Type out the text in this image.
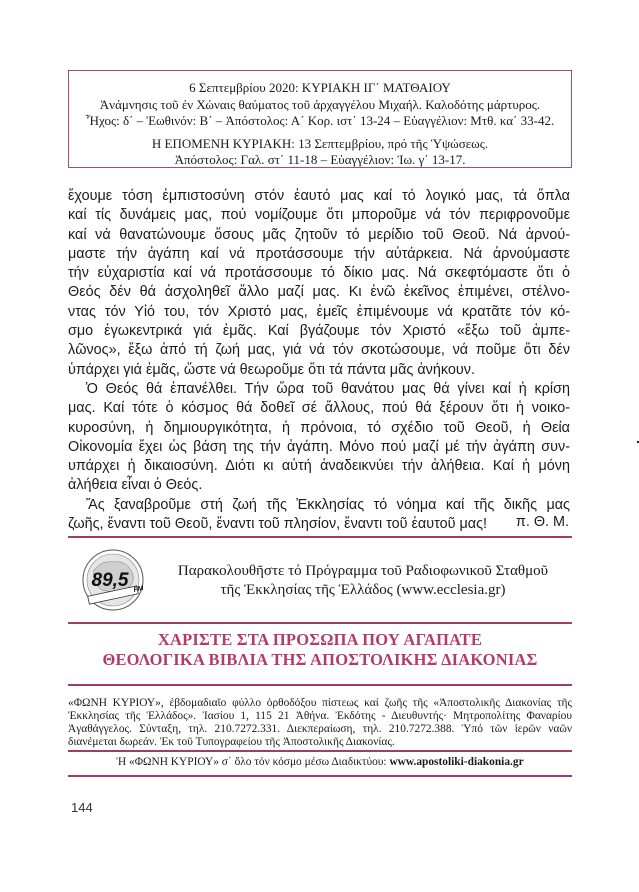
6 Σεπτεμβρίου 2020: ΚΥΡΙΑΚΗ ΙΓ΄ ΜΑΤΘΑΙΟΥ
Ἀνάμνησις τοῦ ἐν Χώναις θαύματος τοῦ ἀρχαγγέλου Μιχαήλ. Καλοδότης μάρτυρος.
Ἦχος: δ΄ – Ἑωθινόν: Β΄ – Ἀπόστολος: Α΄ Κορ. ιστ΄ 13-24 – Εὐαγγέλιον: Μτθ. κα΄ 33-42.
Η ΕΠΟΜΕΝΗ ΚΥΡΙΑΚΗ: 13 Σεπτεμβρίου, πρό τῆς Ὑψώσεως.
Ἀπόστολος: Γαλ. στ΄ 11-18 – Εὐαγγέλιον: Ἰω. γ΄ 13-17.

ἔχουμε τόση ἐμπιστοσύνη στόν ἑαυτό μας καί τό λογικό μας, τά ὅπλα

καί τίς δυνάμεις μας, πού νομίζουμε ὅτι μποροῦμε νά τόν περιφρονοῦμε

καί νά θανατώνουμε ὅσους μᾶς ζητοῦν τό μερίδιο τοῦ Θεοῦ. Νά ἀρνού-

μαστε τήν ἀγάπη καί νά προτάσσουμε τήν αὐτάρκεια. Νά ἀρνούμαστε

τήν εὐχαριστία καί νά προτάσσουμε τό δίκιο μας. Νά σκεφτόμαστε ὅτι ὁ

Θεός δέν θά ἀσχοληθεῖ ἄλλο μαζί μας. Κι ἐνῶ ἐκεῖνος ἐπιμένει, στέλνο-

ντας τόν Υἱό του, τόν Χριστό μας, ἐμεῖς ἐπιμένουμε νά κρατᾶτε τόν κό-

σμο ἐγωκεντρικά γιά ἐμᾶς. Καί βγάζουμε τόν Χριστό «ἔξω τοῦ ἀμπε-

λῶνος», ἔξω ἀπό τή ζωή μας, γιά νά τόν σκοτώσουμε, νά ποῦμε ὅτι δέν

ὑπάρχει γιά ἐμᾶς, ὥστε νά θεωροῦμε ὅτι τά πάντα μᾶς ἀνήκουν.

Ὁ Θεός θά ἐπανέλθει. Τήν ὥρα τοῦ θανάτου μας θά γίνει καί ἡ κρίση

μας. Καί τότε ὁ κόσμος θά δοθεῖ σέ ἄλλους, πού θά ξέρουν ὅτι ἡ νοικο-

κυροσύνη, ἡ δημιουργικότητα, ἡ πρόνοια, τό σχέδιο τοῦ Θεοῦ, ἡ Θεία

Οἰκονομία ἔχει ὡς βάση της τήν ἀγάπη. Μόνο πού μαζί μέ τήν ἀγάπη συν-

υπάρχει ἡ δικαιοσύνη. Διότι κι αὐτή ἀναδεικνύει τήν ἀλήθεια. Καί ἡ μόνη

ἀλήθεια εἶναι ὁ Θεός.

Ἄς ξαναβροῦμε στή ζωή τῆς Ἐκκλησίας τό νόημα καί τῆς δικῆς μας

ζωῆς, ἔναντι τοῦ Θεοῦ, ἔναντι τοῦ πλησίον, ἔναντι τοῦ ἑαυτοῦ μας!	π. Θ. Μ.
89,5 FM
Παρακολουθῆστε τό Πρόγραμμα τοῦ Ραδιοφωνικοῦ Σταθμοῦ
τῆς Ἐκκλησίας τῆς Ἑλλάδος (www.ecclesia.gr)
ΧΑΡΙΣΤΕ ΣΤΑ ΠΡΟΣΩΠΑ ΠΟΥ ΑΓΑΠΑΤΕ
ΘΕΟΛΟΓΙΚΑ ΒΙΒΛΙΑ ΤΗΣ ΑΠΟΣΤΟΛΙΚΗΣ ΔΙΑΚΟΝΙΑΣ

«ΦΩΝΗ ΚΥΡΙΟΥ», ἑβδομαδιαῖο φύλλο ὀρθοδόξου πίστεως καί ζωῆς τῆς «Ἀποστολικῆς Διακονίας τῆς Ἐκκλησίας τῆς Ἑλλάδος». Ἰασίου 1, 115 21 Ἀθήνα. Ἐκδότης - Διευθυντής· Μητροπολίτης Φαναρίου Ἀγαθάγγελος. Σύνταξη, τηλ. 210.7272.331. Διεκπεραίωση, τηλ. 210.7272.388. Ὑπό τῶν ἱερῶν ναῶν διανέμεται δωρεάν. Ἐκ τοῦ Τυπογραφείου τῆς Ἀποστολικῆς Διακονίας.

Ἡ «ΦΩΝΗ ΚΥΡΙΟΥ» σ΄ ὅλο τόν κόσμο μέσω Διαδικτύου: www.apostoliki-diakonia.gr
144
